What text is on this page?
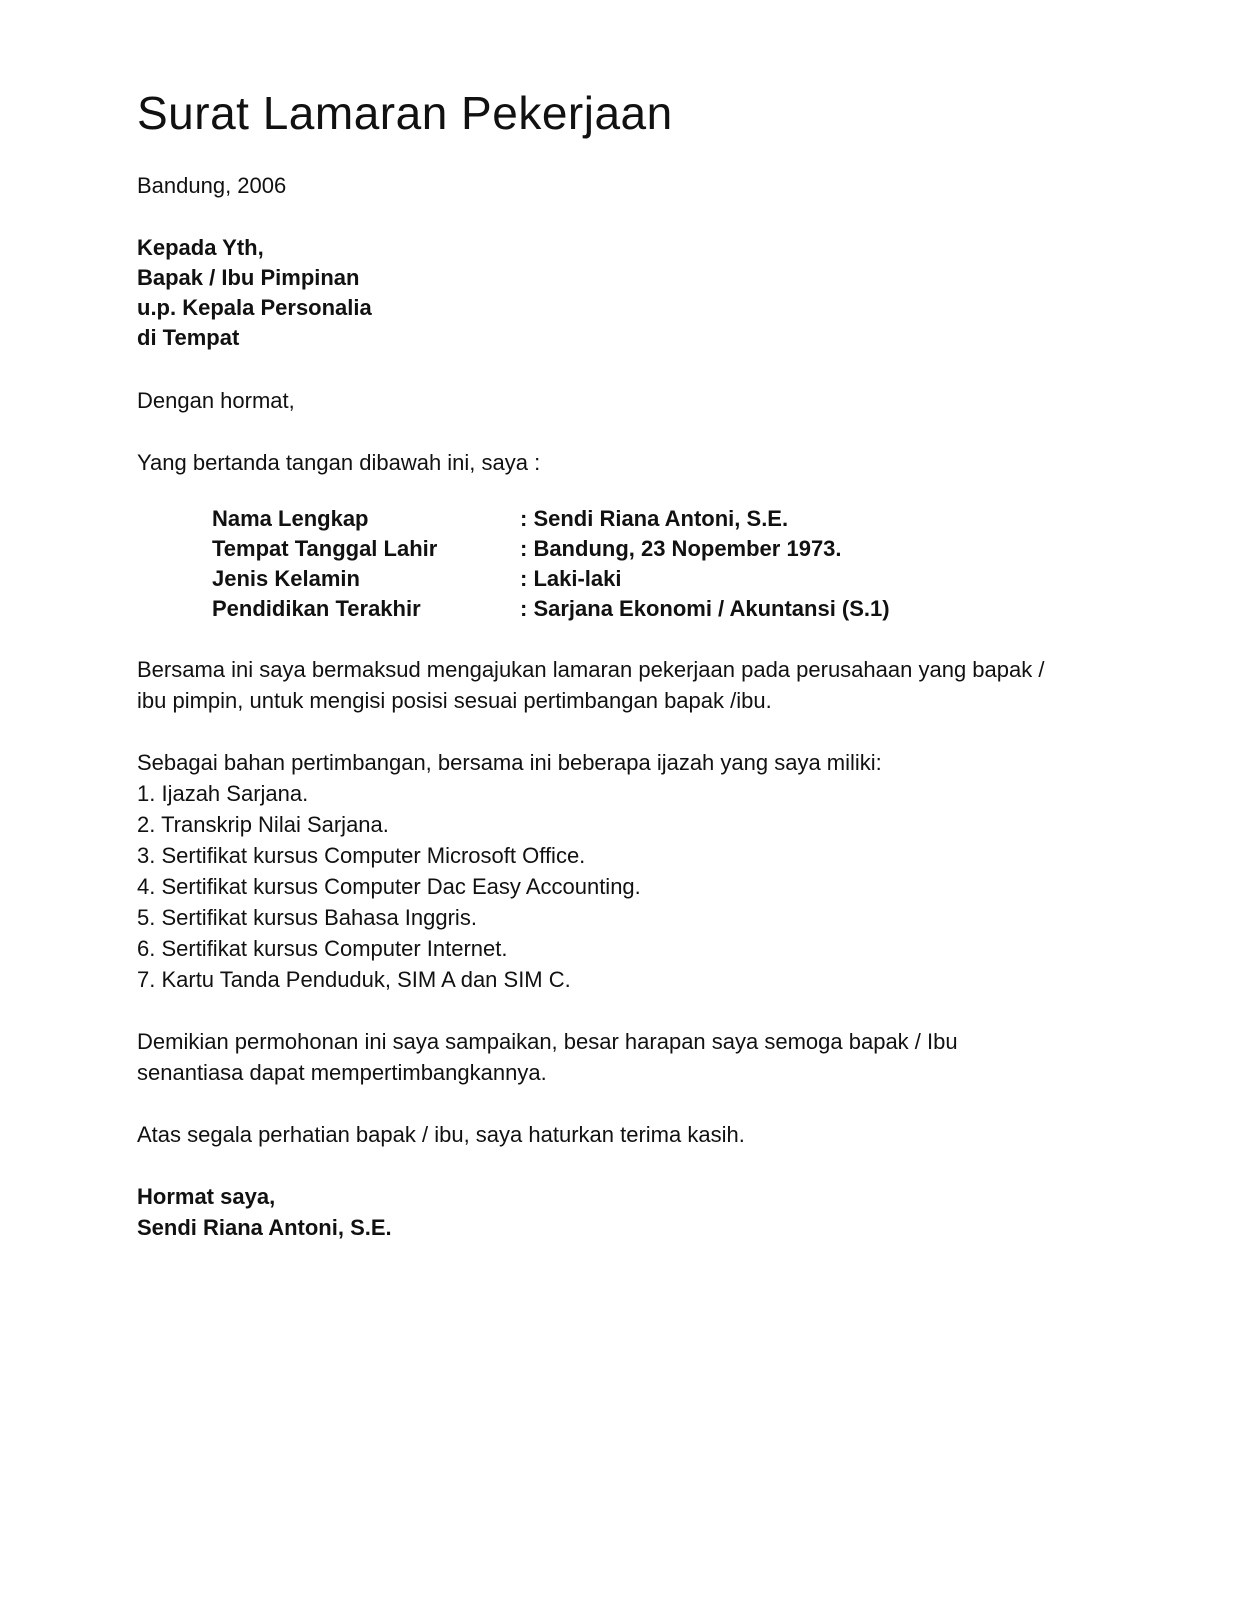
Surat Lamaran Pekerjaan

Bandung, 2006

Kepada Yth,
Bapak / Ibu Pimpinan
u.p. Kepala Personalia
di Tempat

Dengan hormat,

Yang bertanda tangan dibawah ini, saya :

Nama Lengkap	: Sendi Riana Antoni, S.E.
Tempat Tanggal Lahir	: Bandung, 23 Nopember 1973.
Jenis Kelamin	: Laki-laki
Pendidikan Terakhir	: Sarjana Ekonomi / Akuntansi (S.1)

Bersama ini saya bermaksud mengajukan lamaran pekerjaan pada perusahaan yang bapak / ibu pimpin, untuk mengisi posisi sesuai pertimbangan bapak /ibu.

Sebagai bahan pertimbangan, bersama ini beberapa ijazah yang saya miliki:

1. Ijazah Sarjana.
2. Transkrip Nilai Sarjana.
3. Sertifikat kursus Computer Microsoft Office.
4. Sertifikat kursus Computer Dac Easy Accounting.
5. Sertifikat kursus Bahasa Inggris.
6. Sertifikat kursus Computer Internet.
7. Kartu Tanda Penduduk, SIM A dan SIM C.

Demikian permohonan ini saya sampaikan, besar harapan saya semoga bapak / Ibu senantiasa dapat mempertimbangkannya.

Atas segala perhatian bapak / ibu, saya haturkan terima kasih.

Hormat saya,
Sendi Riana Antoni, S.E.
